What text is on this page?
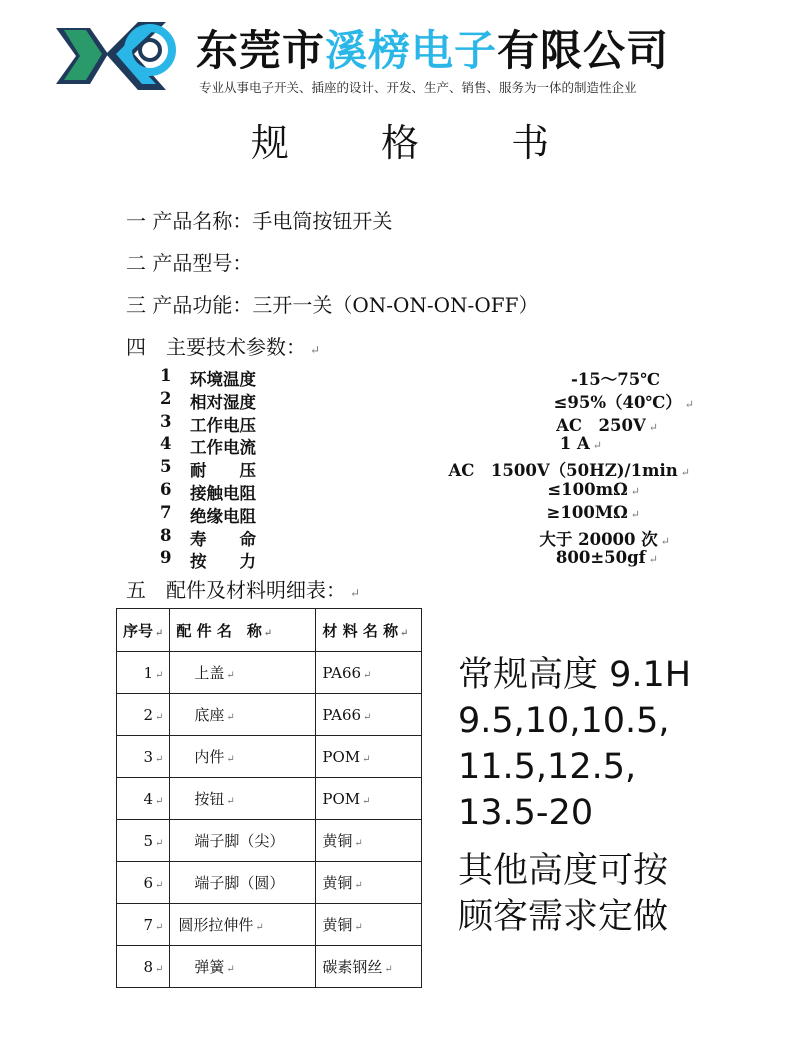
东莞市溪榜电子有限公司
专业从事电子开关、插座的设计、开发、生产、销售、服务为一体的制造性企业
规 格 书
一 产品名称：手电筒按钮开关
二 产品型号：
三 产品功能：三开一关（ON-ON-ON-OFF）
四　主要技术参数： ↵
1	环境温度	-15～75℃
2	相对湿度	≤95%（40℃） ↵
3	工作电压	AC　250V ↵
4	工作电流	1 A ↵
5	耐　　压	AC　1500V（50HZ)/1min ↵
6	接触电阻	≤100mΩ ↵
7	绝缘电阻	≥100MΩ ↵
8	寿　　命	大于 20000 次 ↵
9	按　　力	800±50gf ↵
五　配件及材料明细表： ↵
序号 ↵	配 件 名　称 ↵	材 料 名 称 ↵
1 ↵	上盖 ↵	PA66 ↵
2 ↵	底座 ↵	PA66 ↵
3 ↵	内件 ↵	POM ↵
4 ↵	按钮 ↵	POM ↵
5 ↵	端子脚（尖）	黄铜 ↵
6 ↵	端子脚（圆）	黄铜 ↵
7 ↵	圆形拉伸件 ↵	黄铜 ↵
8 ↵	弹簧 ↵	碳素钢丝 ↵
常规高度 9.1H
9.5,10,10.5,
11.5,12.5,
13.5-20
其他高度可按
顾客需求定做
